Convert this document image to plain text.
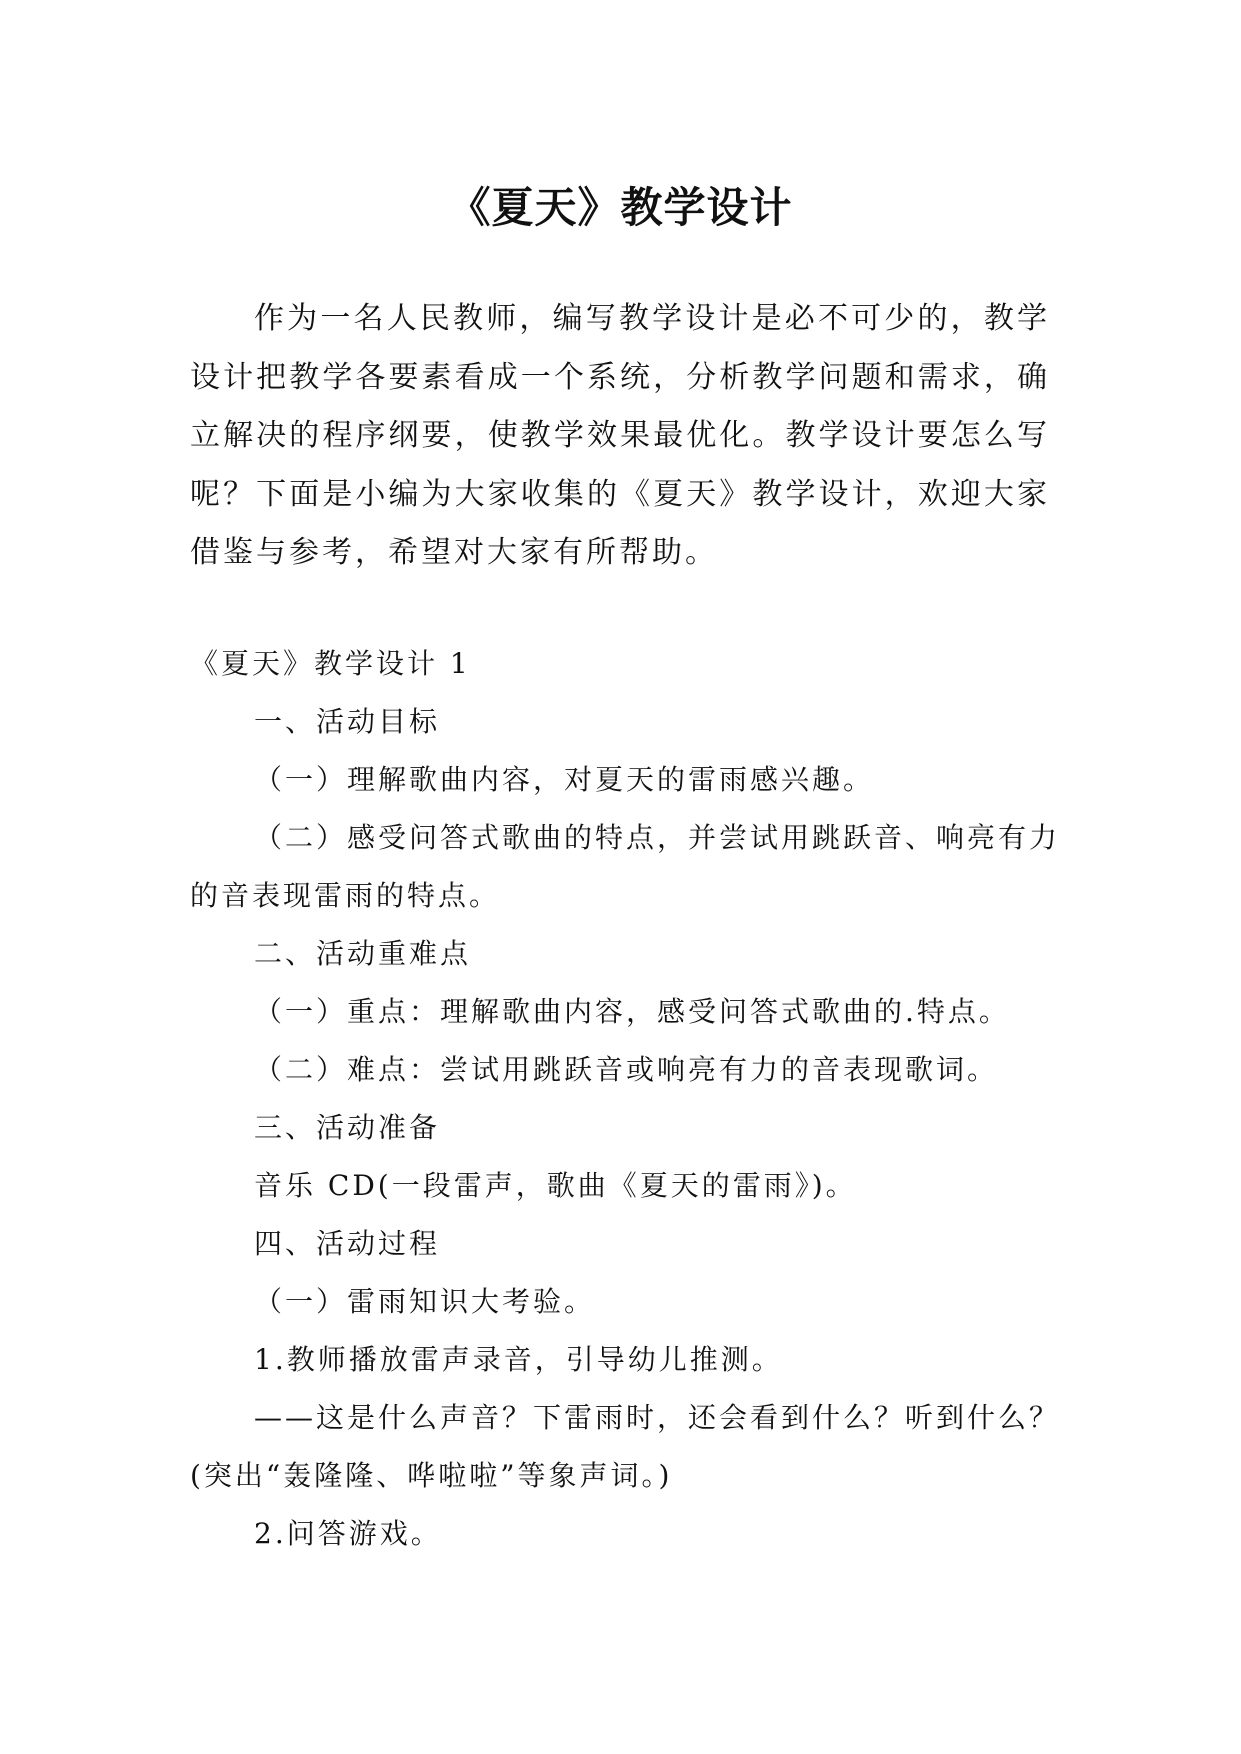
《夏天》教学设计

作为一名人民教师，编写教学设计是必不可少的，教学设计把教学各要素看成一个系统，分析教学问题和需求，确立解决的程序纲要，使教学效果最优化。教学设计要怎么写呢？下面是小编为大家收集的《夏天》教学设计，欢迎大家借鉴与参考，希望对大家有所帮助。

《夏天》教学设计 1

一、活动目标

（一）理解歌曲内容，对夏天的雷雨感兴趣。

（二）感受问答式歌曲的特点，并尝试用跳跃音、响亮有力的音表现雷雨的特点。

二、活动重难点

（一）重点：理解歌曲内容，感受问答式歌曲的.特点。

（二）难点：尝试用跳跃音或响亮有力的音表现歌词。

三、活动准备

音乐 CD(一段雷声，歌曲《夏天的雷雨》)。

四、活动过程

（一）雷雨知识大考验。

1.教师播放雷声录音，引导幼儿推测。

——这是什么声音？下雷雨时，还会看到什么？听到什么？(突出“轰隆隆、哗啦啦”等象声词。)

2.问答游戏。
